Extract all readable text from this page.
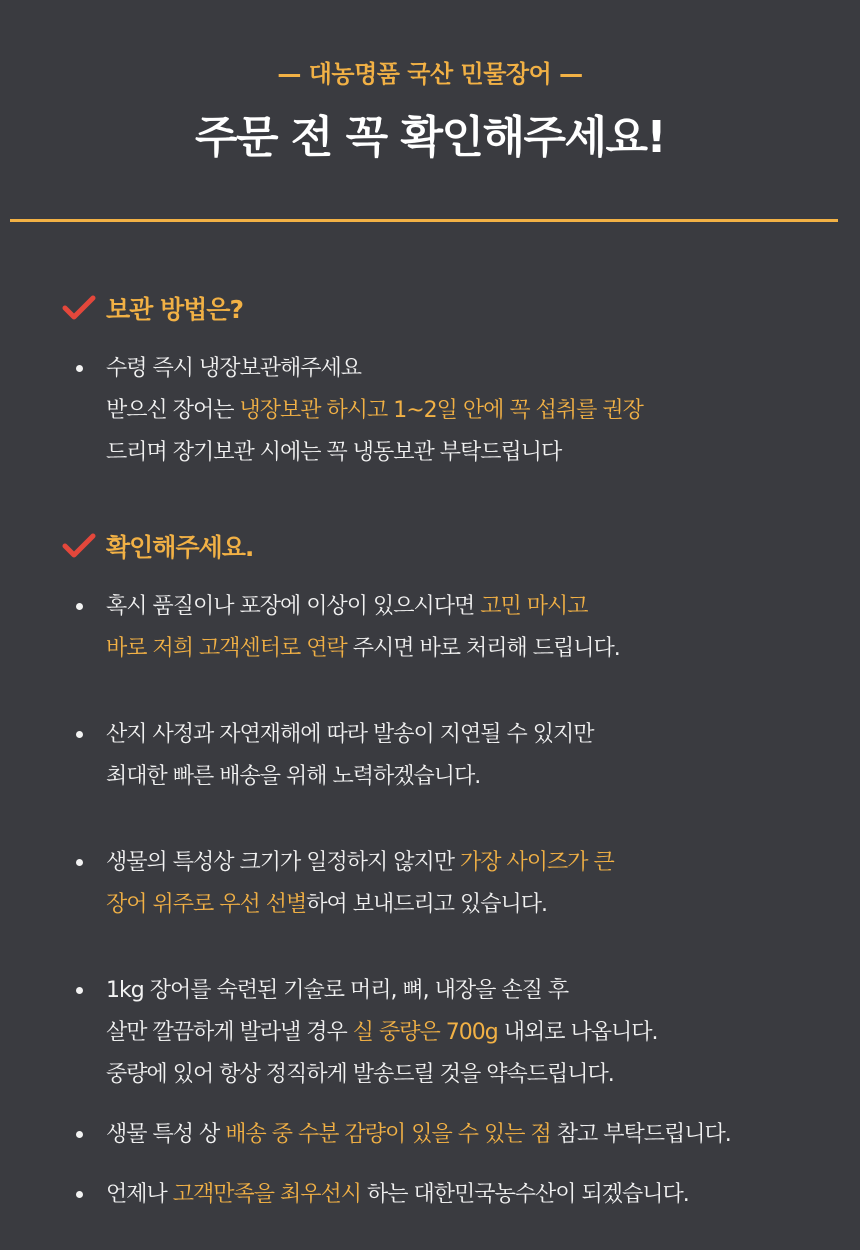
— 대농명품 국산 민물장어 —
주문 전 꼭 확인해주세요!
보관 방법은?
수령 즉시 냉장보관해주세요
받으신 장어는 냉장보관 하시고 1~2일 안에 꼭 섭취를 권장
드리며 장기보관 시에는 꼭 냉동보관 부탁드립니다
확인해주세요.
혹시 품질이나 포장에 이상이 있으시다면 고민 마시고
바로 저희 고객센터로 연락 주시면 바로 처리해 드립니다.
산지 사정과 자연재해에 따라 발송이 지연될 수 있지만
최대한 빠른 배송을 위해 노력하겠습니다.
생물의 특성상 크기가 일정하지 않지만 가장 사이즈가 큰
장어 위주로 우선 선별하여 보내드리고 있습니다.
1kg 장어를 숙련된 기술로 머리, 뼈, 내장을 손질 후
살만 깔끔하게 발라낼 경우 실 중량은 700g 내외로 나옵니다.
중량에 있어 항상 정직하게 발송드릴 것을 약속드립니다.
생물 특성 상 배송 중 수분 감량이 있을 수 있는 점 참고 부탁드립니다.
언제나 고객만족을 최우선시 하는 대한민국농수산이 되겠습니다.
